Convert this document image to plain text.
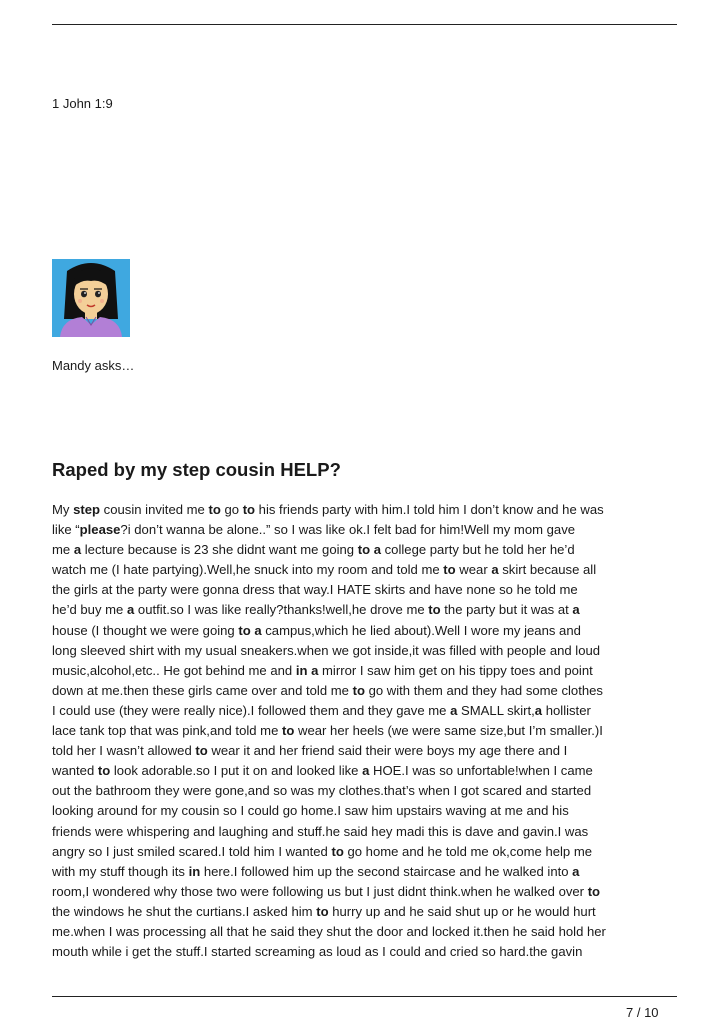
1 John 1:9
Mandy asks…
Raped by my step cousin HELP?

My step cousin invited me to go to his friends party with him.I told him I don’t know and he was
like “please?i don’t wanna be alone..” so I was like ok.I felt bad for him!Well my mom gave
me a lecture because is 23 she didnt want me going to a college party but he told her he’d
watch me (I hate partying).Well,he snuck into my room and told me to wear a skirt because all
the girls at the party were gonna dress that way.I HATE skirts and have none so he told me
he’d buy me a outfit.so I was like really?thanks!well,he drove me to the party but it was at a
house (I thought we were going to a campus,which he lied about).Well I wore my jeans and
long sleeved shirt with my usual sneakers.when we got inside,it was filled with people and loud
music,alcohol,etc.. He got behind me and in a mirror I saw him get on his tippy toes and point
down at me.then these girls came over and told me to go with them and they had some clothes
I could use (they were really nice).I followed them and they gave me a SMALL skirt,a hollister
lace tank top that was pink,and told me to wear her heels (we were same size,but I’m smaller.)I
told her I wasn’t allowed to wear it and her friend said their were boys my age there and I
wanted to look adorable.so I put it on and looked like a HOE.I was so unfortable!when I came
out the bathroom they were gone,and so was my clothes.that’s when I got scared and started
looking around for my cousin so I could go home.I saw him upstairs waving at me and his
friends were whispering and laughing and stuff.he said hey madi this is dave and gavin.I was
angry so I just smiled scared.I told him I wanted to go home and he told me ok,come help me
with my stuff though its in here.I followed him up the second staircase and he walked into a
room,I wondered why those two were following us but I just didnt think.when he walked over to
the windows he shut the curtians.I asked him to hurry up and he said shut up or he would hurt
me.when I was processing all that he said they shut the door and locked it.then he said hold her
mouth while i get the stuff.I started screaming as loud as I could and cried so hard.the gavin

7 / 10
